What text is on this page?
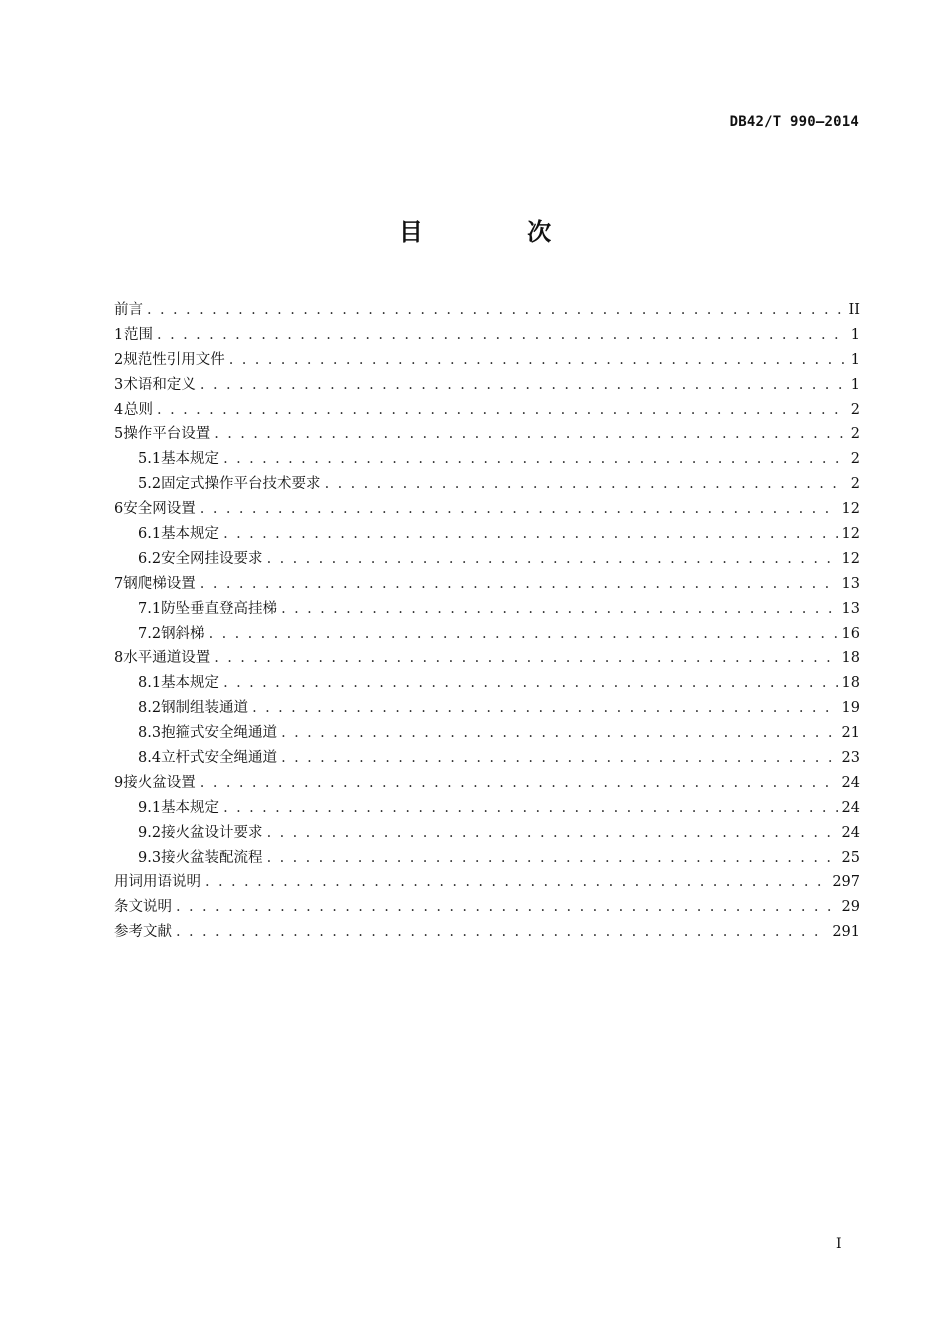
DB42/T 990—2014
目 次
前言 . . .	II
1 范围 . . .	1
2 规范性引用文件 . . .	1
3 术语和定义 . . .	1
4 总则 . . .	2
5 操作平台设置 . . .	2
5.1 基本规定 . . .	2
5.2 固定式操作平台技术要求 . . .	2
6 安全网设置 . . .	12
6.1 基本规定 . . .	12
6.2 安全网挂设要求 . . .	12
7 钢爬梯设置 . . .	13
7.1 防坠垂直登高挂梯 . . .	13
7.2 钢斜梯 . . .	16
8 水平通道设置 . . .	18
8.1 基本规定 . . .	18
8.2 钢制组装通道 . . .	19
8.3 抱箍式安全绳通道 . . .	21
8.4 立杆式安全绳通道 . . .	23
9 接火盆设置 . . .	24
9.1 基本规定 . . .	24
9.2 接火盆设计要求 . . .	24
9.3 接火盆装配流程 . . .	25
用词用语说明 . . .	297
条文说明 . . .	29
参考文献 . . .	291
I
